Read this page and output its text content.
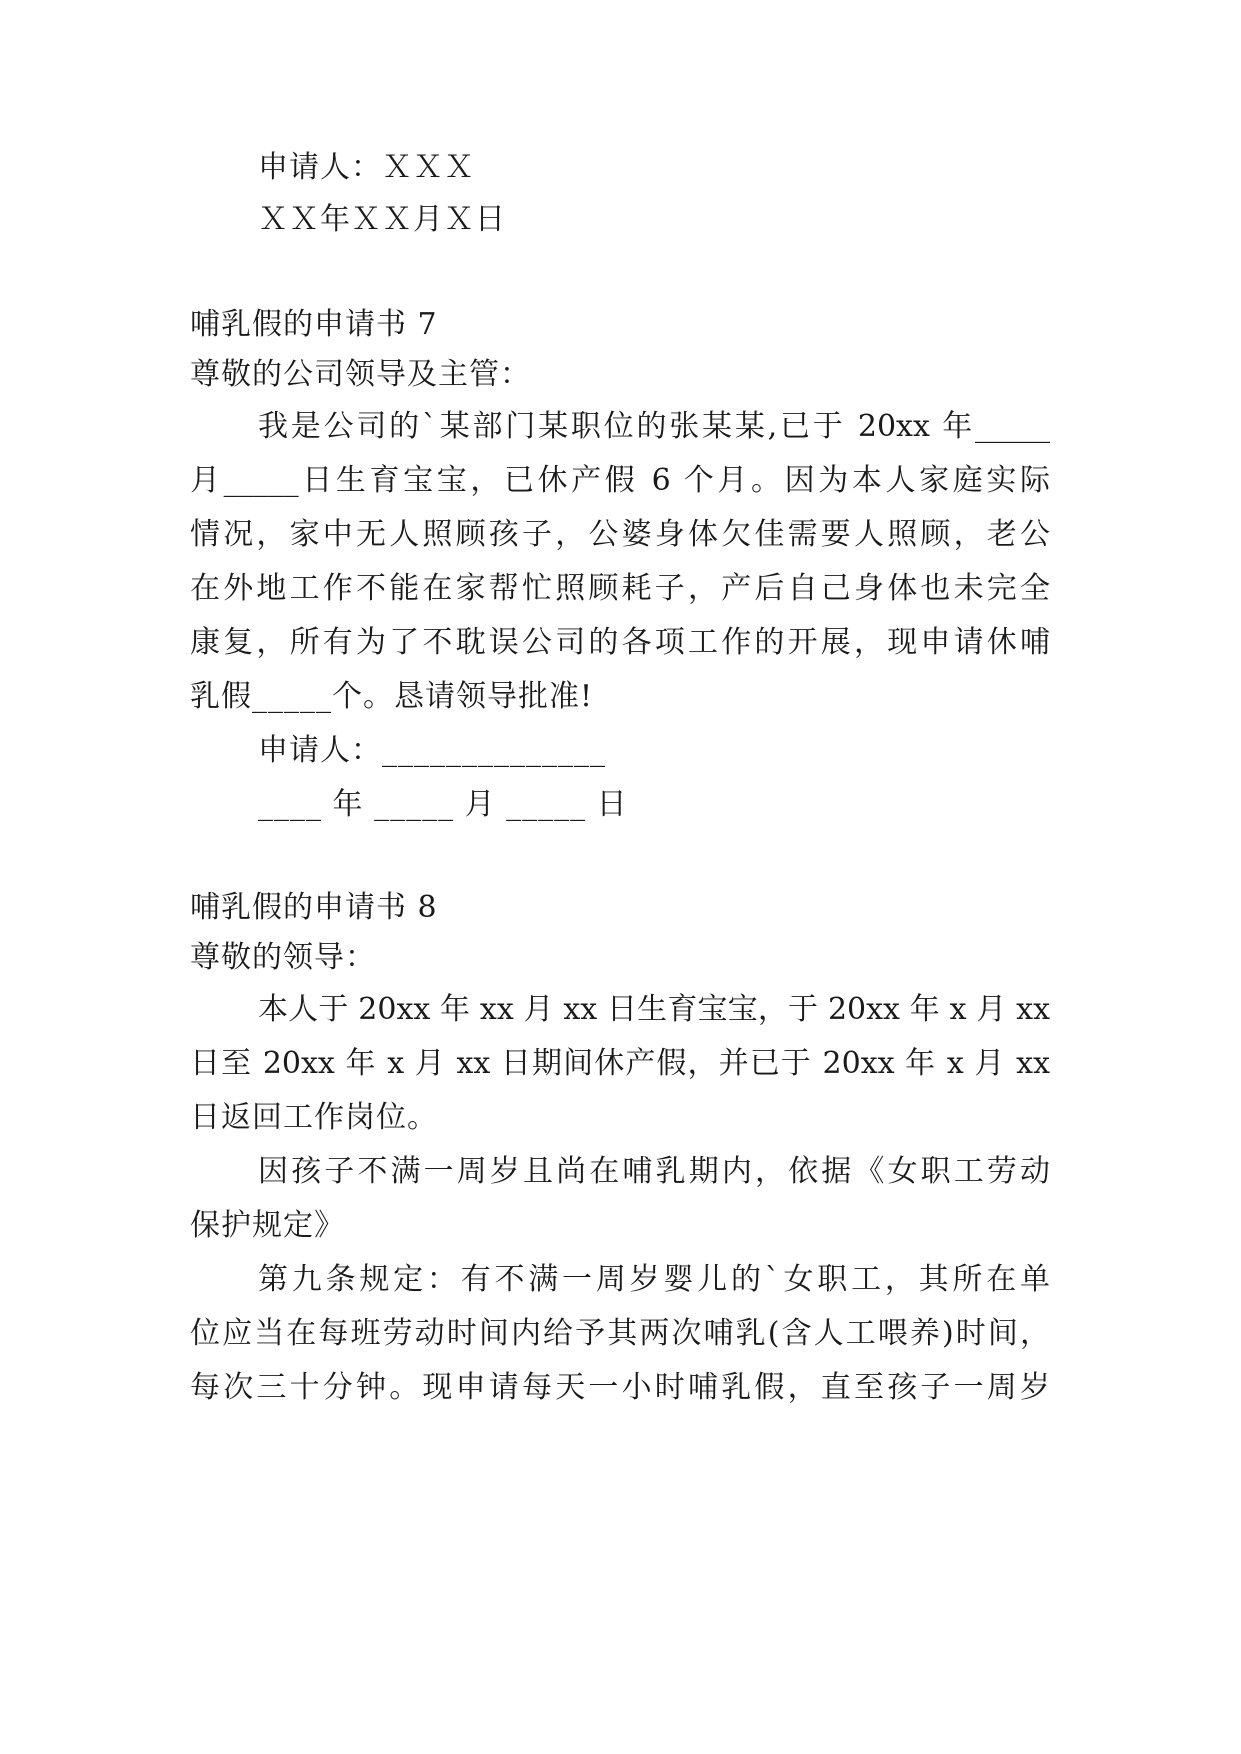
申请人：ＸＸＸ
ＸＸ年ＸＸ月Ｘ日
哺乳假的申请书 7
尊敬的公司领导及主管：
我是公司的`某部门某职位的张某某,已于 20xx 年_____
月_____日生育宝宝，已休产假 6 个月。因为本人家庭实际
情况，家中无人照顾孩子，公婆身体欠佳需要人照顾，老公
在外地工作不能在家帮忙照顾耗子，产后自己身体也未完全
康复，所有为了不耽误公司的各项工作的开展，现申请休哺
乳假_____个。恳请领导批准!
申请人：______________
____ 年 _____ 月 _____ 日
哺乳假的申请书 8
尊敬的领导：
本人于 20xx 年 xx 月 xx 日生育宝宝，于 20xx 年 x 月 xx
日至 20xx 年 x 月 xx 日期间休产假，并已于 20xx 年 x 月 xx
日返回工作岗位。
因孩子不满一周岁且尚在哺乳期内，依据《女职工劳动
保护规定》
第九条规定：有不满一周岁婴儿的`女职工，其所在单
位应当在每班劳动时间内给予其两次哺乳(含人工喂养)时间，
每次三十分钟。现申请每天一小时哺乳假，直至孩子一周岁
